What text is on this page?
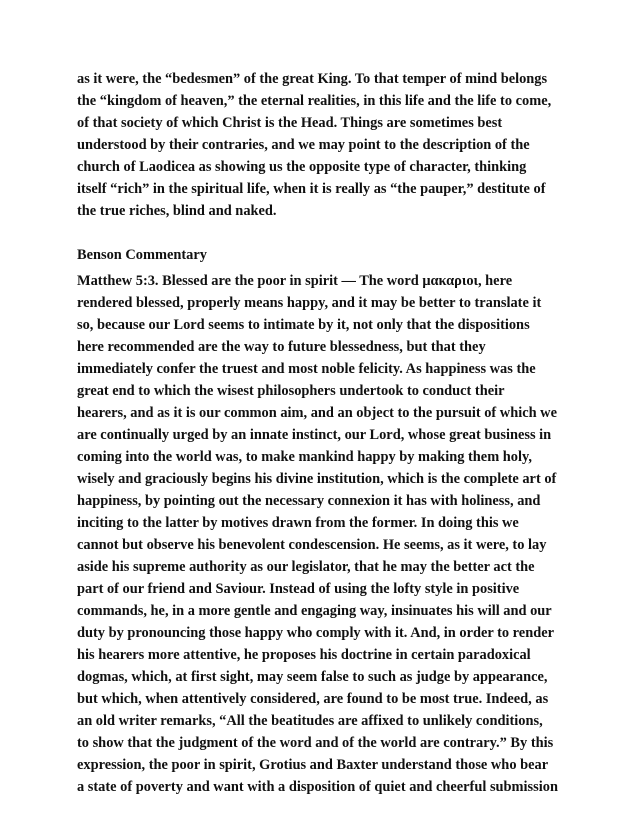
as it were, the “bedesmen” of the great King. To that temper of mind belongs

the “kingdom of heaven,” the eternal realities, in this life and the life to come,

of that society of which Christ is the Head. Things are sometimes best

understood by their contraries, and we may point to the description of the

church of Laodicea as showing us the opposite type of character, thinking

itself “rich” in the spiritual life, when it is really as “the pauper,” destitute of

the true riches, blind and naked.

Benson Commentary

Matthew 5:3. Blessed are the poor in spirit — The word μακαριοι, here

rendered blessed, properly means happy, and it may be better to translate it

so, because our Lord seems to intimate by it, not only that the dispositions

here recommended are the way to future blessedness, but that they

immediately confer the truest and most noble felicity. As happiness was the

great end to which the wisest philosophers undertook to conduct their

hearers, and as it is our common aim, and an object to the pursuit of which we

are continually urged by an innate instinct, our Lord, whose great business in

coming into the world was, to make mankind happy by making them holy,

wisely and graciously begins his divine institution, which is the complete art of

happiness, by pointing out the necessary connexion it has with holiness, and

inciting to the latter by motives drawn from the former. In doing this we

cannot but observe his benevolent condescension. He seems, as it were, to lay

aside his supreme authority as our legislator, that he may the better act the

part of our friend and Saviour. Instead of using the lofty style in positive

commands, he, in a more gentle and engaging way, insinuates his will and our

duty by pronouncing those happy who comply with it. And, in order to render

his hearers more attentive, he proposes his doctrine in certain paradoxical

dogmas, which, at first sight, may seem false to such as judge by appearance,

but which, when attentively considered, are found to be most true. Indeed, as

an old writer remarks, “All the beatitudes are affixed to unlikely conditions,

to show that the judgment of the word and of the world are contrary.” By this

expression, the poor in spirit, Grotius and Baxter understand those who bear

a state of poverty and want with a disposition of quiet and cheerful submission
